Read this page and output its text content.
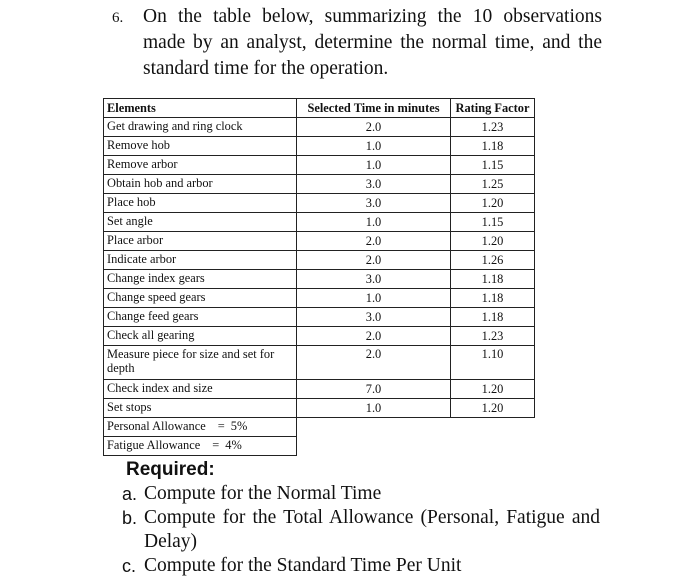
6.	On the table below, summarizing the 10 observations made by an analyst, determine the normal time, and the standard time for the operation.
Elements	Selected Time in minutes	Rating Factor
Get drawing and ring clock	2.0	1.23
Remove hob	1.0	1.18
Remove arbor	1.0	1.15
Obtain hob and arbor	3.0	1.25
Place hob	3.0	1.20
Set angle	1.0	1.15
Place arbor	2.0	1.20
Indicate arbor	2.0	1.26
Change index gears	3.0	1.18
Change speed gears	1.0	1.18
Change feed gears	3.0	1.18
Check all gearing	2.0	1.23
Measure piece for size and set for depth	2.0	1.10
Check index and size	7.0	1.20
Set stops	1.0	1.20
Personal Allowance = 5%		
Fatigue Allowance = 4%		
Required:
a. Compute for the Normal Time
b. Compute for the Total Allowance (Personal, Fatigue and Delay)
c. Compute for the Standard Time Per Unit
